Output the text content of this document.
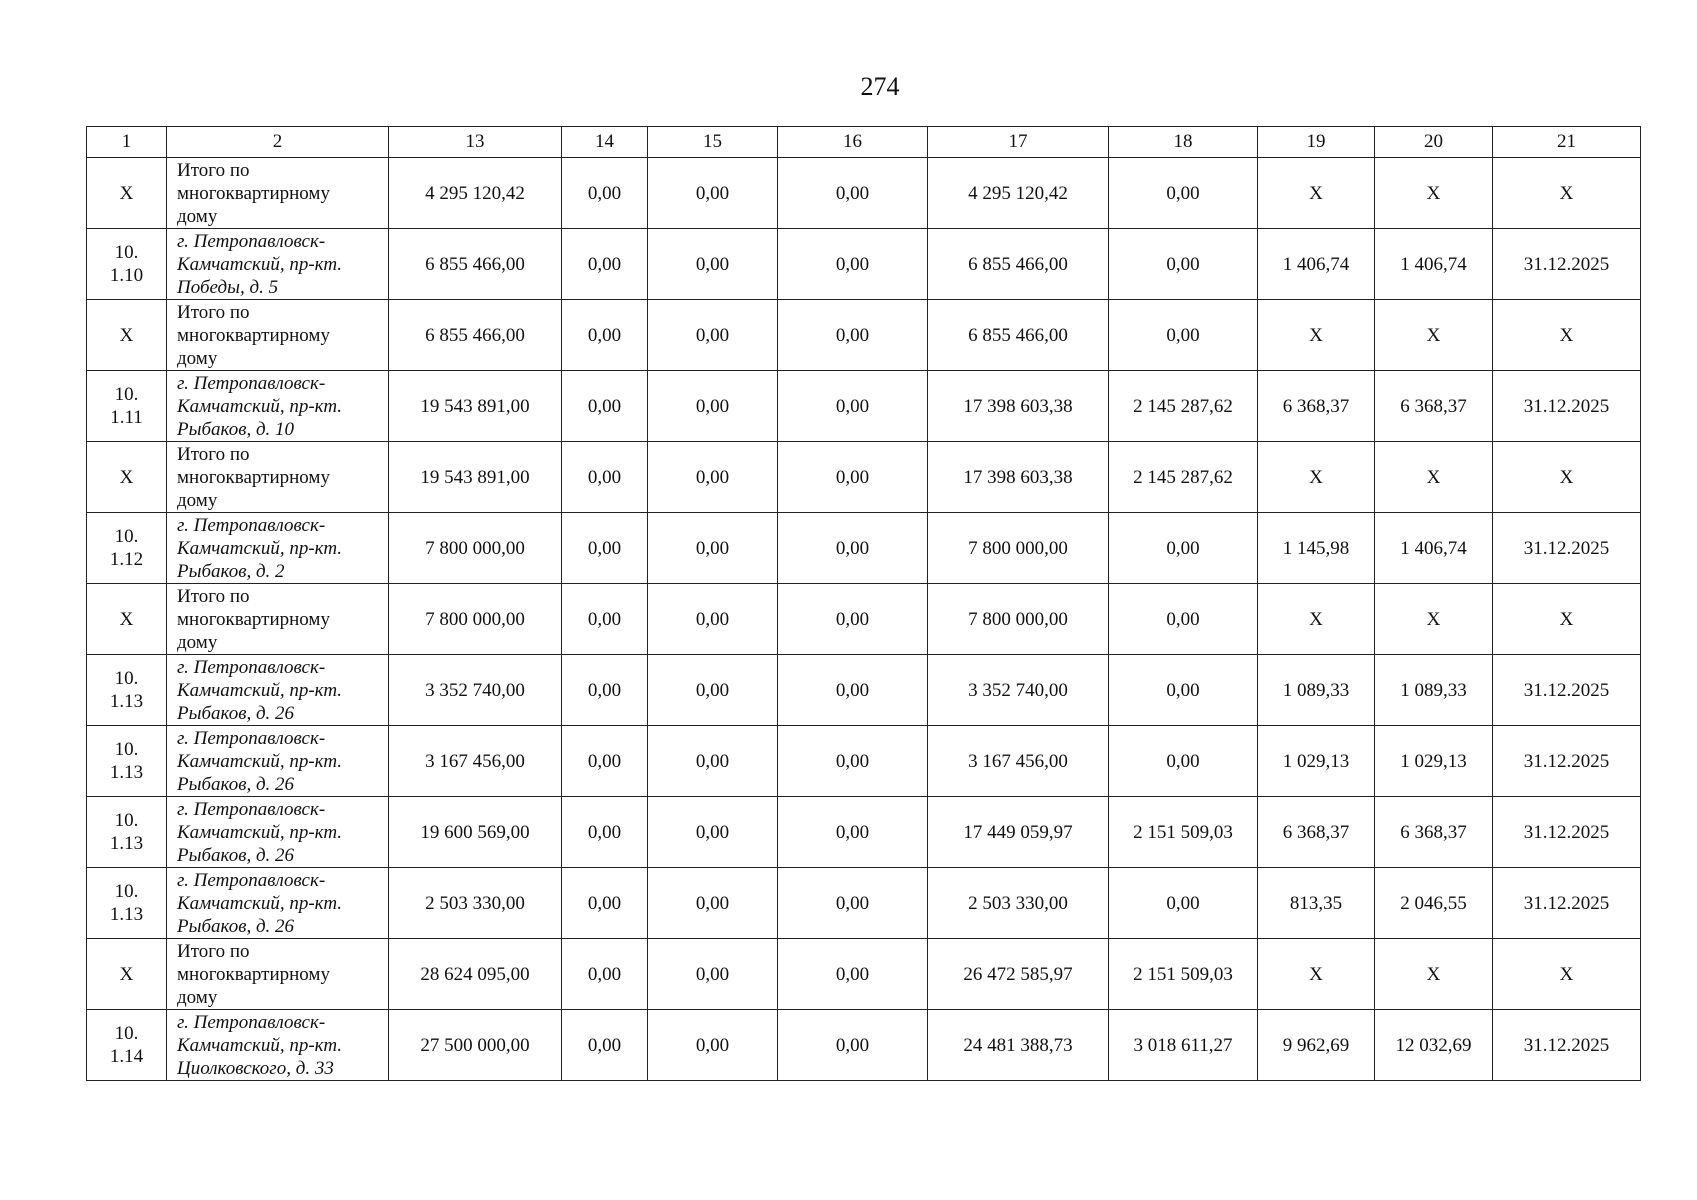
274
1	2	13	14	15	16	17	18	19	20	21
X	Итого по многоквартирному дому	4 295 120,42	0,00	0,00	0,00	4 295 120,42	0,00	X	X	X
10.1.10	г. Петропавловск-Камчатский, пр-кт. Победы, д. 5	6 855 466,00	0,00	0,00	0,00	6 855 466,00	0,00	1 406,74	1 406,74	31.12.2025
X	Итого по многоквартирному дому	6 855 466,00	0,00	0,00	0,00	6 855 466,00	0,00	X	X	X
10.1.11	г. Петропавловск-Камчатский, пр-кт. Рыбаков, д. 10	19 543 891,00	0,00	0,00	0,00	17 398 603,38	2 145 287,62	6 368,37	6 368,37	31.12.2025
X	Итого по многоквартирному дому	19 543 891,00	0,00	0,00	0,00	17 398 603,38	2 145 287,62	X	X	X
10.1.12	г. Петропавловск-Камчатский, пр-кт. Рыбаков, д. 2	7 800 000,00	0,00	0,00	0,00	7 800 000,00	0,00	1 145,98	1 406,74	31.12.2025
X	Итого по многоквартирному дому	7 800 000,00	0,00	0,00	0,00	7 800 000,00	0,00	X	X	X
10.1.13	г. Петропавловск-Камчатский, пр-кт. Рыбаков, д. 26	3 352 740,00	0,00	0,00	0,00	3 352 740,00	0,00	1 089,33	1 089,33	31.12.2025
10.1.13	г. Петропавловск-Камчатский, пр-кт. Рыбаков, д. 26	3 167 456,00	0,00	0,00	0,00	3 167 456,00	0,00	1 029,13	1 029,13	31.12.2025
10.1.13	г. Петропавловск-Камчатский, пр-кт. Рыбаков, д. 26	19 600 569,00	0,00	0,00	0,00	17 449 059,97	2 151 509,03	6 368,37	6 368,37	31.12.2025
10.1.13	г. Петропавловск-Камчатский, пр-кт. Рыбаков, д. 26	2 503 330,00	0,00	0,00	0,00	2 503 330,00	0,00	813,35	2 046,55	31.12.2025
X	Итого по многоквартирному дому	28 624 095,00	0,00	0,00	0,00	26 472 585,97	2 151 509,03	X	X	X
10.1.14	г. Петропавловск-Камчатский, пр-кт. Циолковского, д. 33	27 500 000,00	0,00	0,00	0,00	24 481 388,73	3 018 611,27	9 962,69	12 032,69	31.12.2025
